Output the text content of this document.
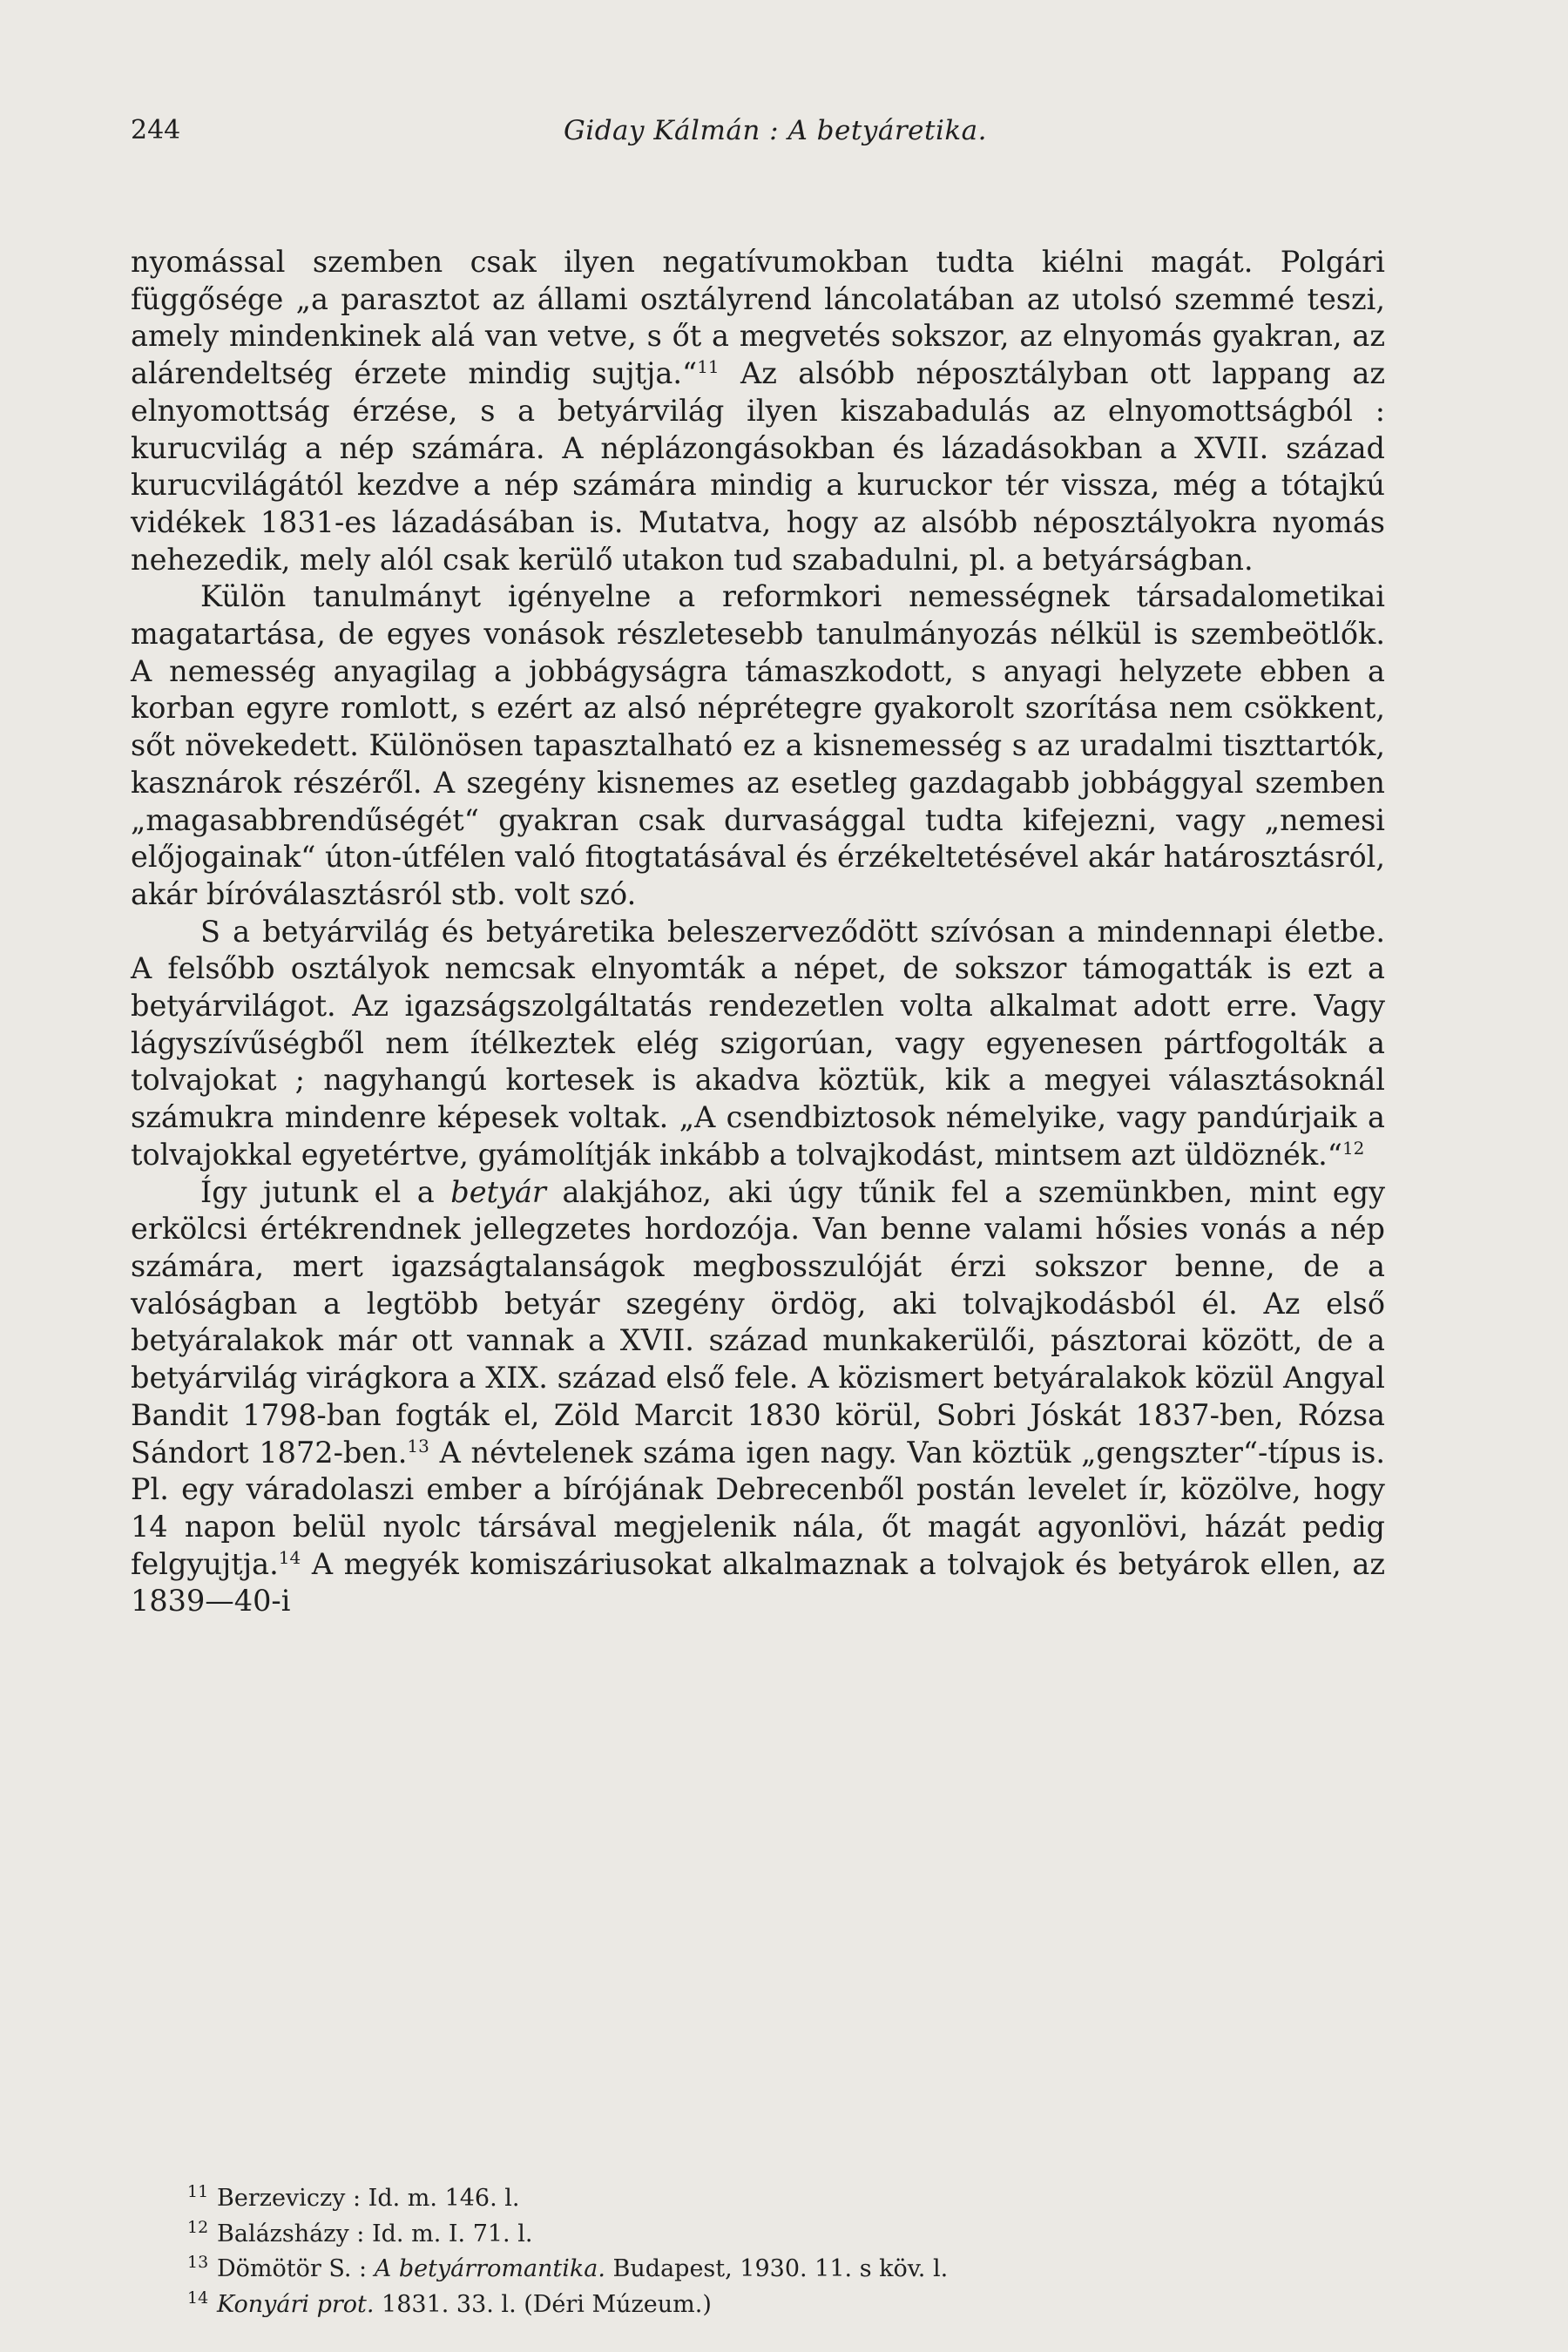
244	Giday Kálmán : A betyáretika.

nyomással szemben csak ilyen negatívumokban tudta kiélni magát. Polgári függősége „a parasztot az állami osztályrend láncolatában az utolsó szemmé teszi, amely mindenkinek alá van vetve, s őt a megvetés sokszor, az elnyomás gyakran, az alárendeltség érzete mindig sujtja.“$^{11}$ Az alsóbb néposztályban ott lappang az elnyomottság érzése, s a betyárvilág ilyen kiszabadulás az elnyomottságból : kurucvilág a nép számára. A néplázongásokban és lázadásokban a XVII. század kurucvilágától kezdve a nép számára mindig a kuruckor tér vissza, még a tótajkú vidékek 1831-es lázadásában is. Mutatva, hogy az alsóbb néposztályokra nyomás nehezedik, mely alól csak kerülő utakon tud szabadulni, pl. a betyárságban.

Külön tanulmányt igényelne a reformkori nemességnek társadalometikai magatartása, de egyes vonások részletesebb tanulmányozás nélkül is szembeötlők. A nemesség anyagilag a jobbágyságra támaszkodott, s anyagi helyzete ebben a korban egyre romlott, s ezért az alsó néprétegre gyakorolt szorítása nem csökkent, sőt növekedett. Különösen tapasztalható ez a kisnemesség s az uradalmi tiszttartók, kasznárok részéről. A szegény kisnemes az esetleg gazdagabb jobbággyal szemben „magasabbrendűségét“ gyakran csak durvasággal tudta kifejezni, vagy „nemesi előjogainak“ úton-útfélen való fitogtatásával és érzékeltetésével akár határosztásról, akár bíróválasztásról stb. volt szó.

S a betyárvilág és betyáretika beleszerveződött szívósan a mindennapi életbe. A felsőbb osztályok nemcsak elnyomták a népet, de sokszor támogatták is ezt a betyárvilágot. Az igazságszolgáltatás rendezetlen volta alkalmat adott erre. Vagy lágyszívűségből nem ítélkeztek elég szigorúan, vagy egyenesen pártfogolták a tolvajokat ; nagyhangú kortesek is akadva köztük, kik a megyei választásoknál számukra mindenre képesek voltak. „A csendbiztosok némelyike, vagy pandúrjaik a tolvajokkal egyetértve, gyámolítják inkább a tolvajkodást, mintsem azt üldöznék.“$^{12}$

Így jutunk el a betyár alakjához, aki úgy tűnik fel a szemünkben, mint egy erkölcsi értékrendnek jellegzetes hordozója. Van benne valami hősies vonás a nép számára, mert igazságtalanságok megbosszulóját érzi sokszor benne, de a valóságban a legtöbb betyár szegény ördög, aki tolvajkodásból él. Az első betyáralakok már ott vannak a XVII. század munkakerülői, pásztorai között, de a betyárvilág virágkora a XIX. század első fele. A közismert betyáralakok közül Angyal Bandit 1798-ban fogták el, Zöld Marcit 1830 körül, Sobri Jóskát 1837-ben, Rózsa Sándort 1872-ben.$^{13}$ A névtelenek száma igen nagy. Van köztük „gengszter“-típus is. Pl. egy váradolaszi ember a bírójának Debrecenből postán levelet ír, közölve, hogy 14 napon belül nyolc társával megjelenik nála, őt magát agyonlövi, házát pedig felgyujtja.$^{14}$ A megyék komiszáriusokat alkalmaznak a tolvajok és betyárok ellen, az 1839—40-i

11 Berzeviczy : Id. m. 146. l.
12 Balázsházy : Id. m. I. 71. l.
13 Dömötör S. : A betyárromantika. Budapest, 1930. 11. s köv. l.
14 Konyári prot. 1831. 33. l. (Déri Múzeum.)
